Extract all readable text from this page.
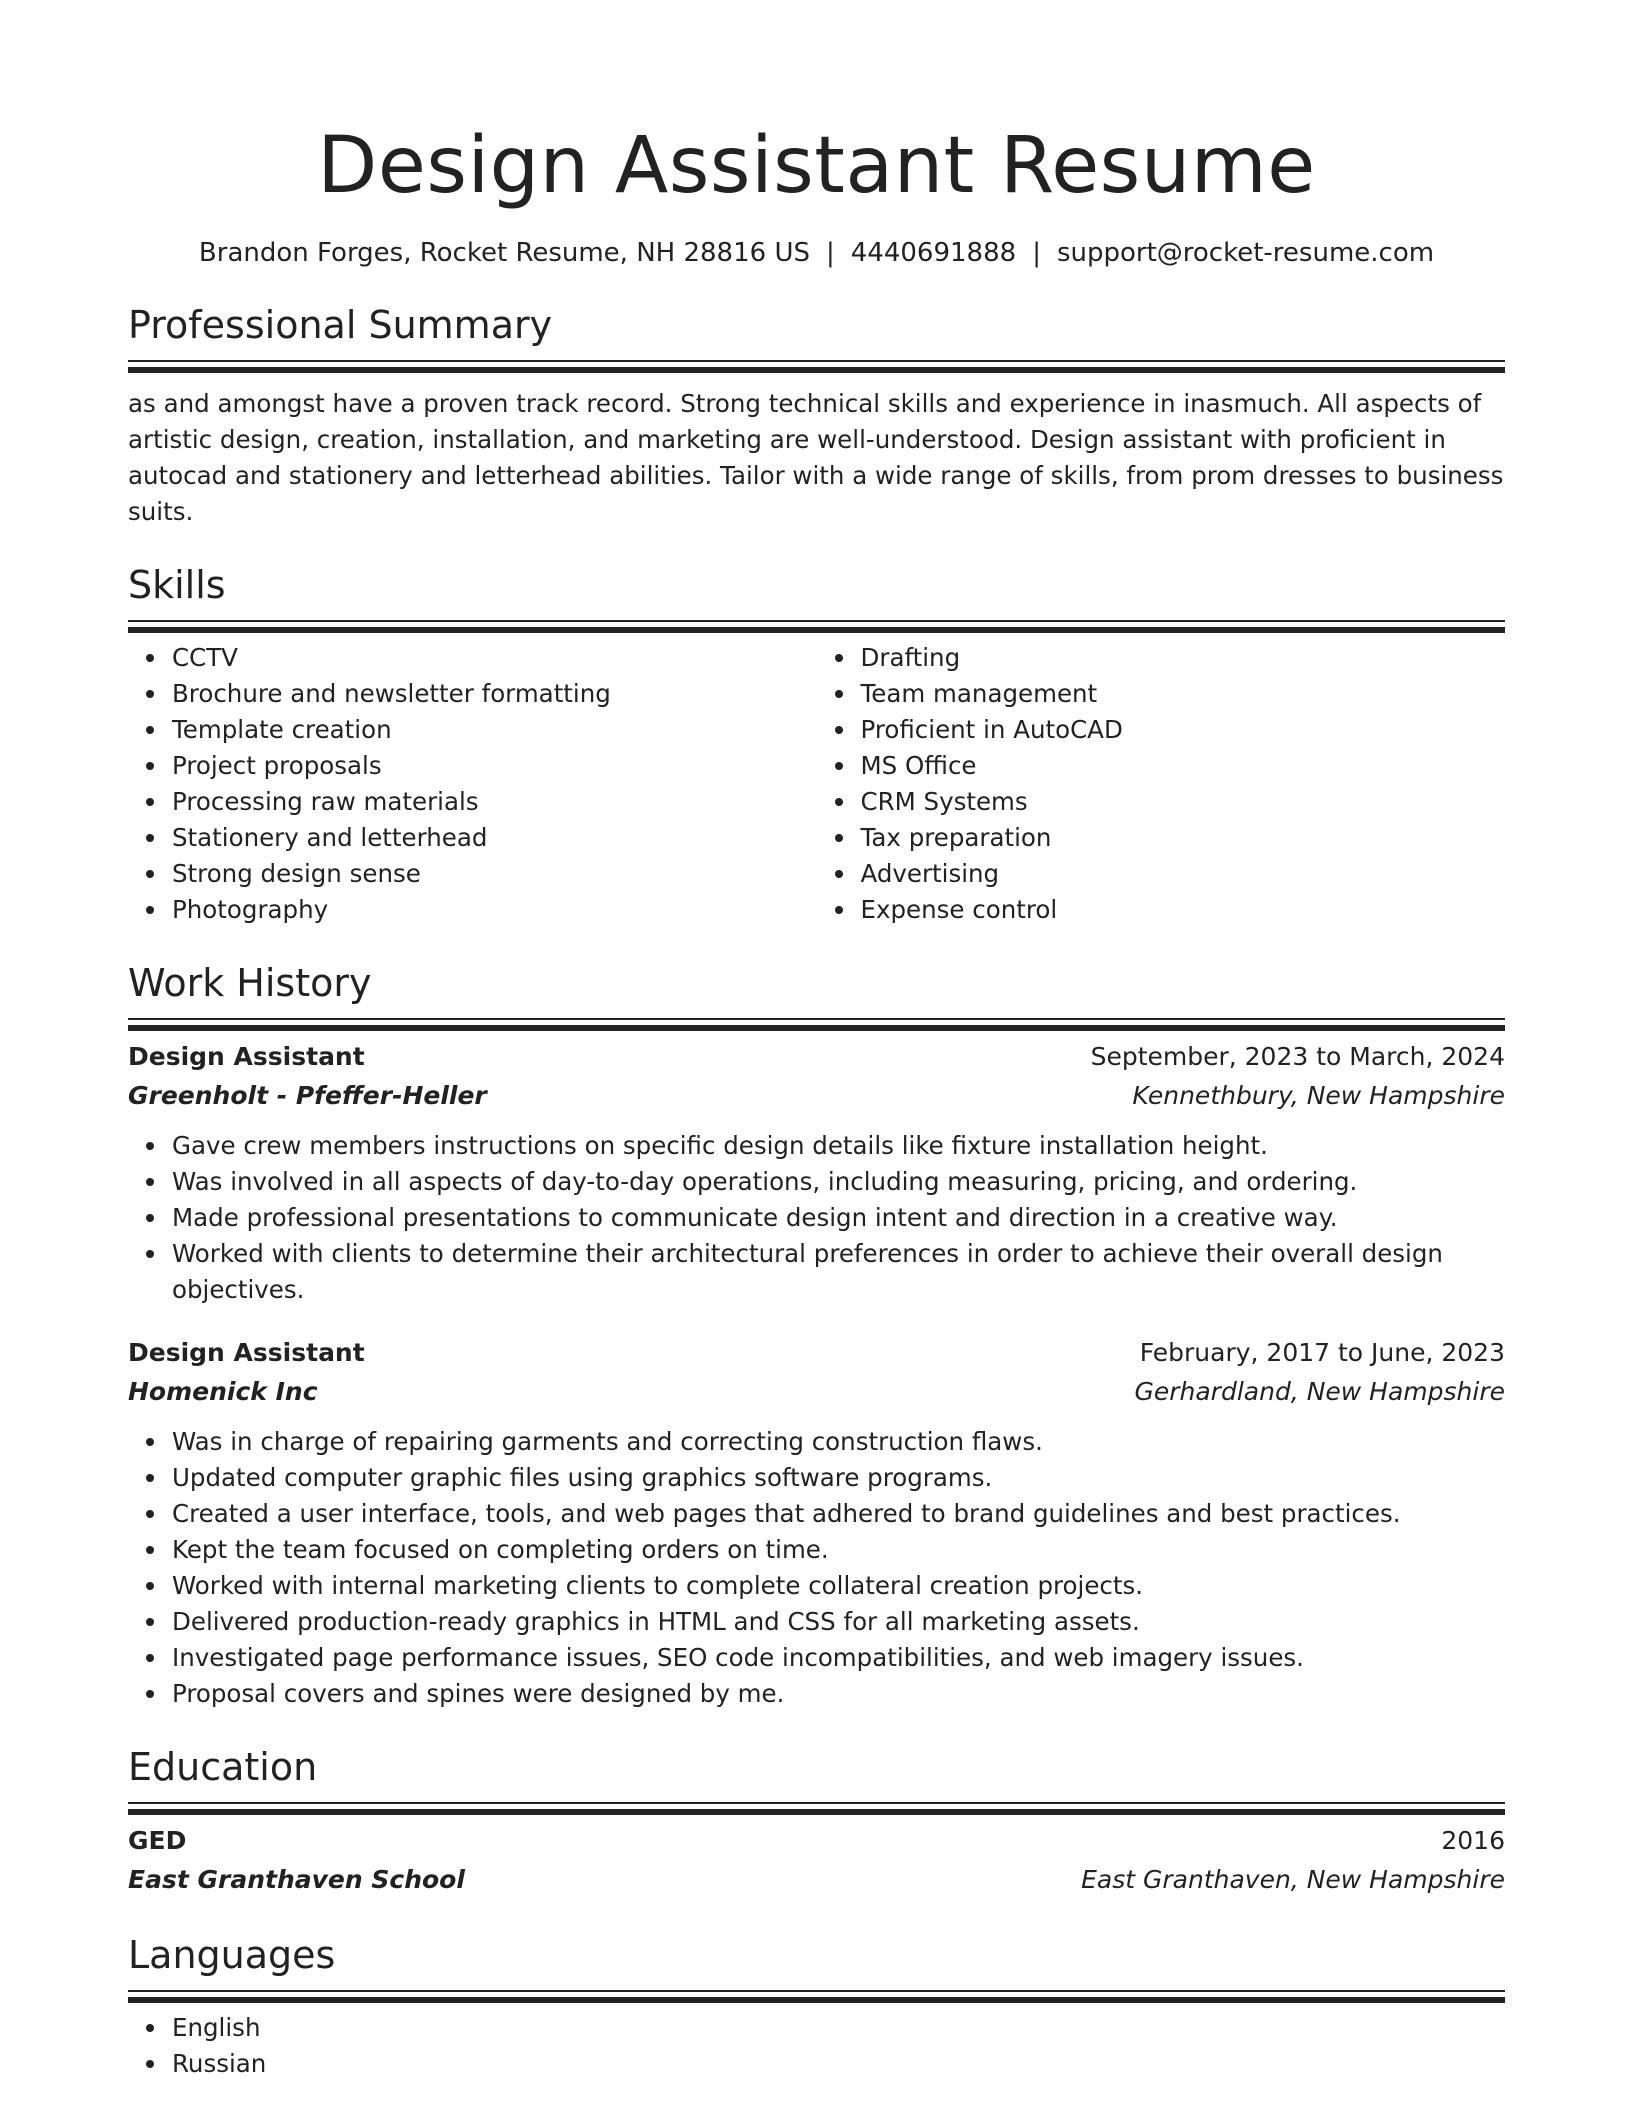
Design Assistant Resume
Brandon Forges, Rocket Resume, NH 28816 US | 4440691888 | support@rocket-resume.com
Professional Summary

as and amongst have a proven track record. Strong technical skills and experience in inasmuch. All aspects of artistic design, creation, installation, and marketing are well-understood. Design assistant with proficient in autocad and stationery and letterhead abilities. Tailor with a wide range of skills, from prom dresses to business suits.

Skills
CCTV
Brochure and newsletter formatting
Template creation
Project proposals
Processing raw materials
Stationery and letterhead
Strong design sense
Photography
Drafting
Team management
Proficient in AutoCAD
MS Office
CRM Systems
Tax preparation
Advertising
Expense control
Work History
Design Assistant	September, 2023 to March, 2024
Greenholt - Pfeffer-Heller	Kennethbury, New Hampshire
Gave crew members instructions on specific design details like fixture installation height.
Was involved in all aspects of day-to-day operations, including measuring, pricing, and ordering.
Made professional presentations to communicate design intent and direction in a creative way.
Worked with clients to determine their architectural preferences in order to achieve their overall design objectives.
Design Assistant	February, 2017 to June, 2023
Homenick Inc	Gerhardland, New Hampshire
Was in charge of repairing garments and correcting construction flaws.
Updated computer graphic files using graphics software programs.
Created a user interface, tools, and web pages that adhered to brand guidelines and best practices.
Kept the team focused on completing orders on time.
Worked with internal marketing clients to complete collateral creation projects.
Delivered production-ready graphics in HTML and CSS for all marketing assets.
Investigated page performance issues, SEO code incompatibilities, and web imagery issues.
Proposal covers and spines were designed by me.
Education
GED	2016
East Granthaven School	East Granthaven, New Hampshire
Languages
English
Russian
